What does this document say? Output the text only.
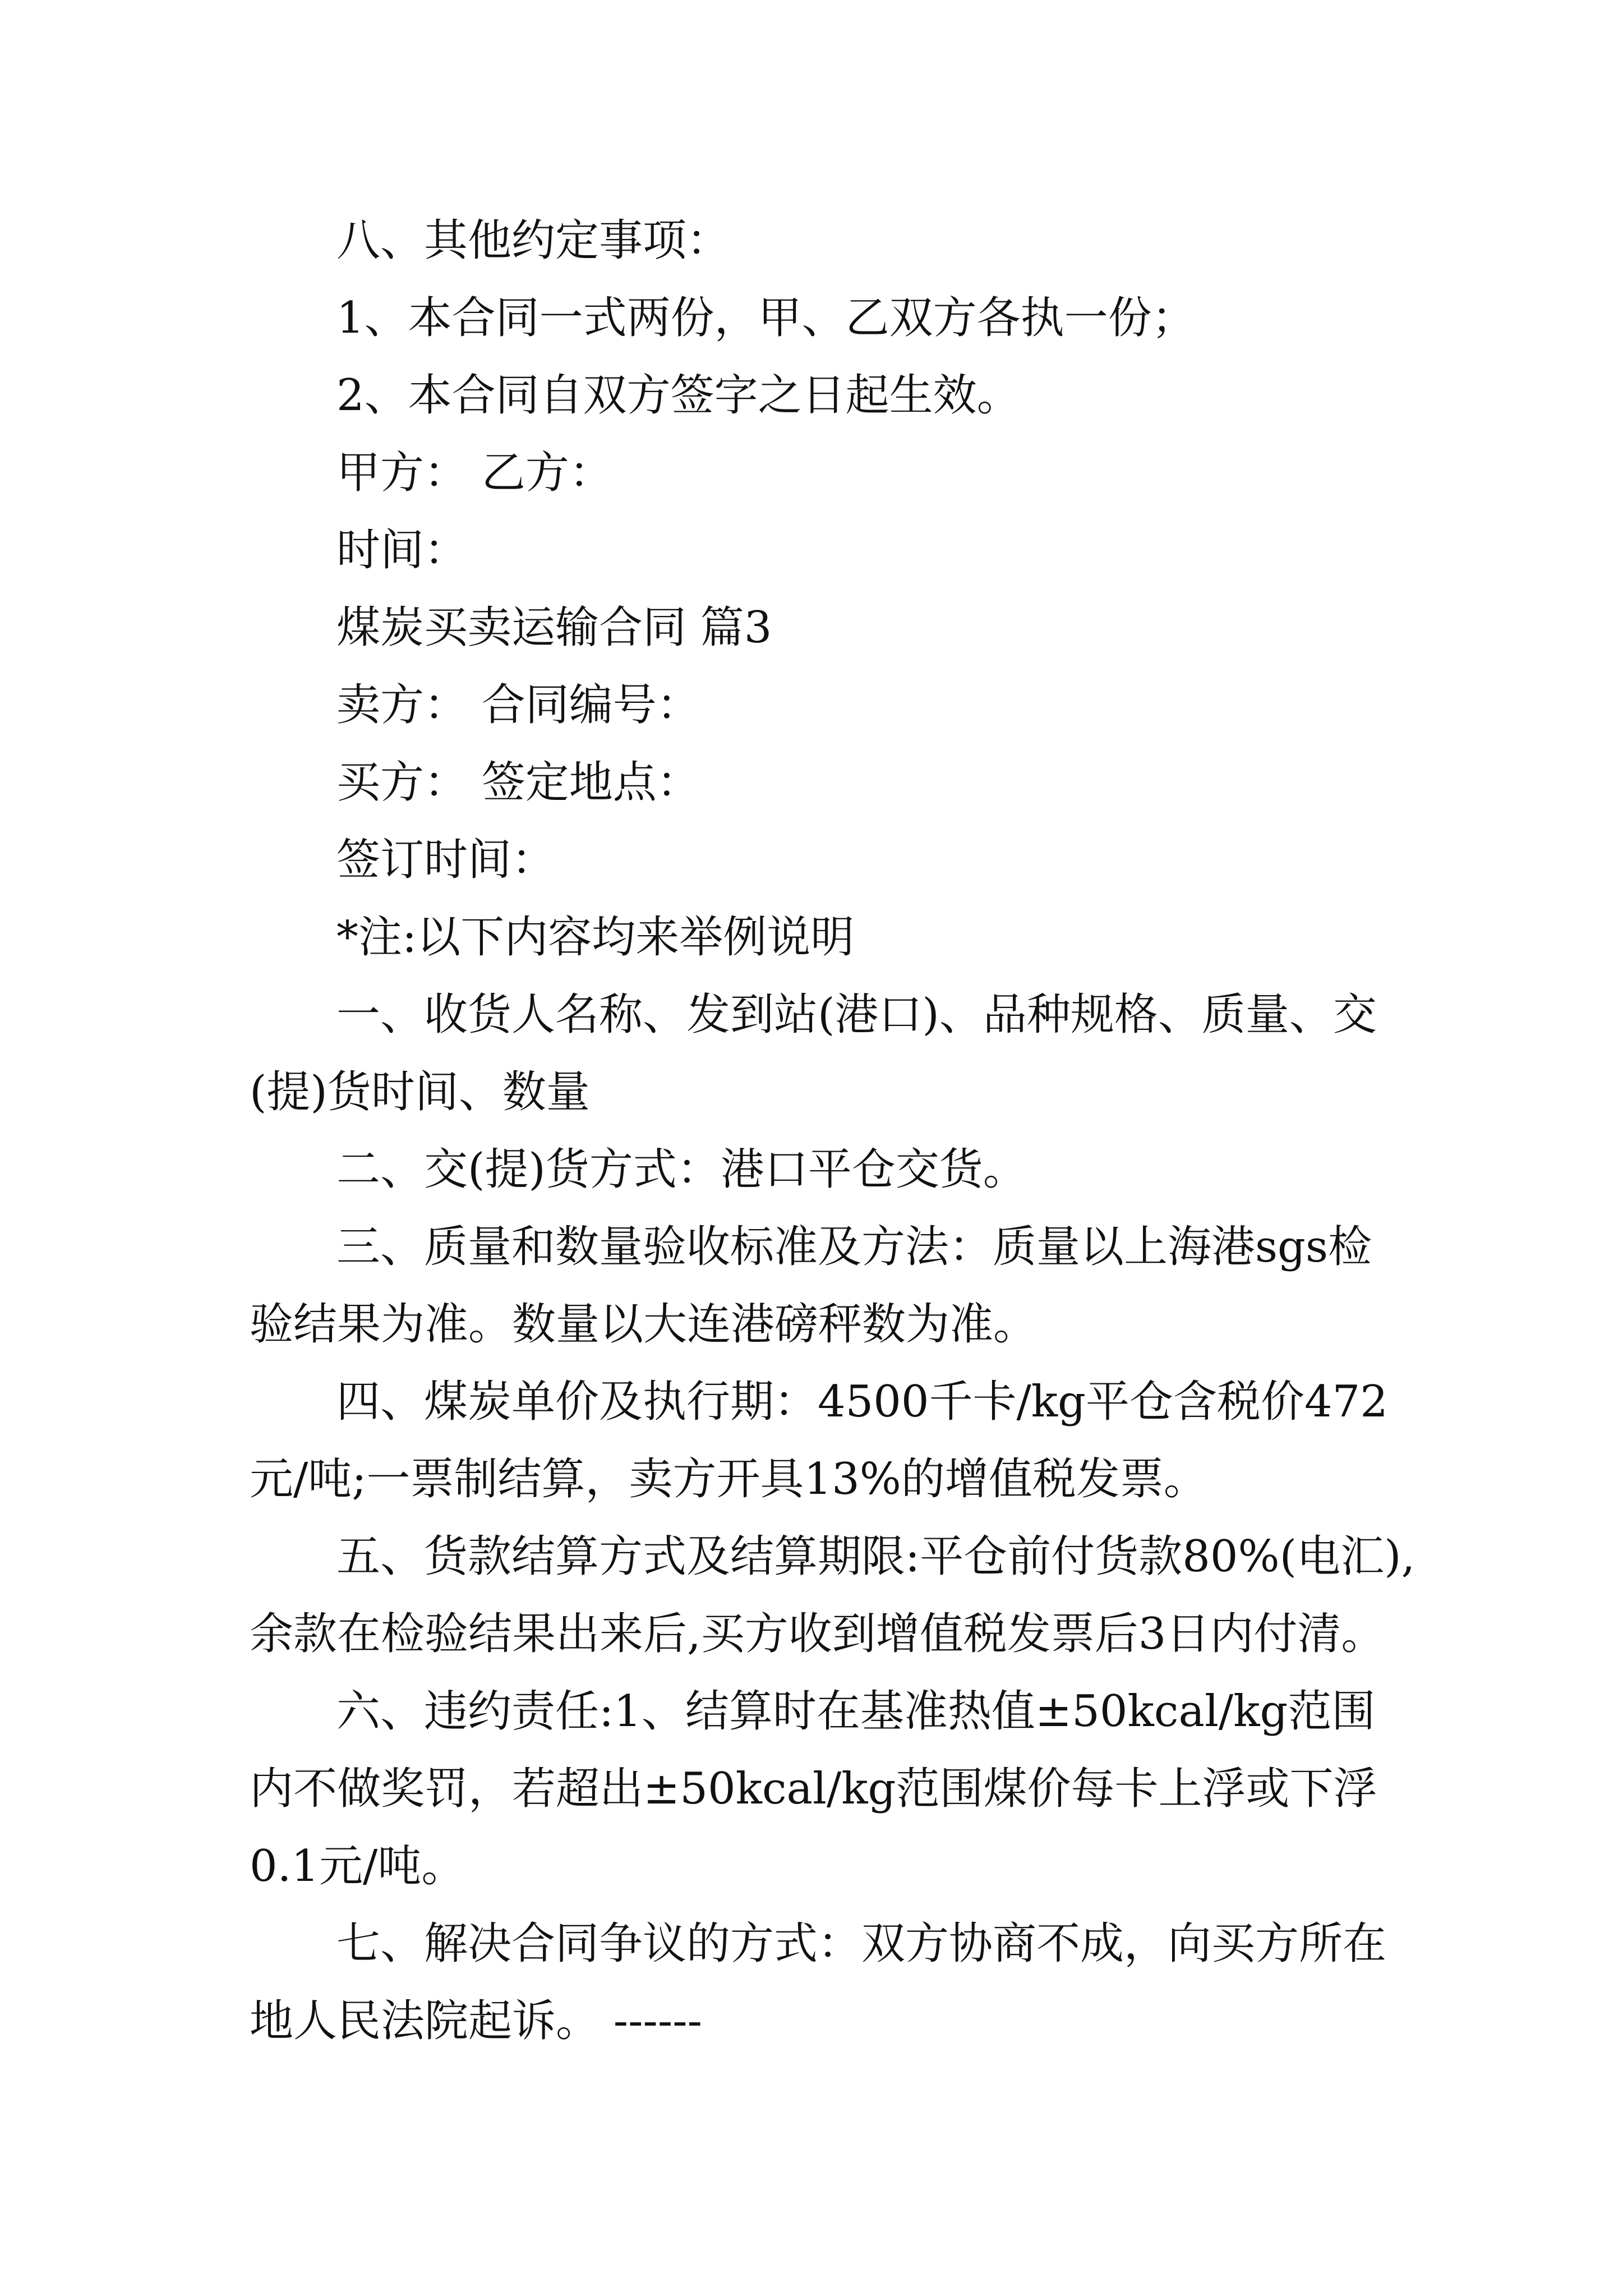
八、其他约定事项：
1、本合同一式两份，甲、乙双方各执一份；
2、本合同自双方签字之日起生效。
甲方： 乙方：
时间：
煤炭买卖运输合同 篇3
卖方： 合同编号：
买方： 签定地点：
签订时间：
*注:以下内容均来举例说明
一、收货人名称、发到站(港口)、品种规格、质量、交
(提)货时间、数量
二、交(提)货方式：港口平仓交货。
三、质量和数量验收标准及方法：质量以上海港sgs检
验结果为准。数量以大连港磅秤数为准。
四、煤炭单价及执行期：4500千卡/kg平仓含税价472
元/吨;一票制结算，卖方开具13%的增值税发票。
五、货款结算方式及结算期限:平仓前付货款80%(电汇),
余款在检验结果出来后,买方收到增值税发票后3日内付清。
六、违约责任:1、结算时在基准热值±50kcal/kg范围
内不做奖罚，若超出±50kcal/kg范围煤价每卡上浮或下浮
0.1元/吨。
七、解决合同争议的方式：双方协商不成，向买方所在
地人民法院起诉。 ------
